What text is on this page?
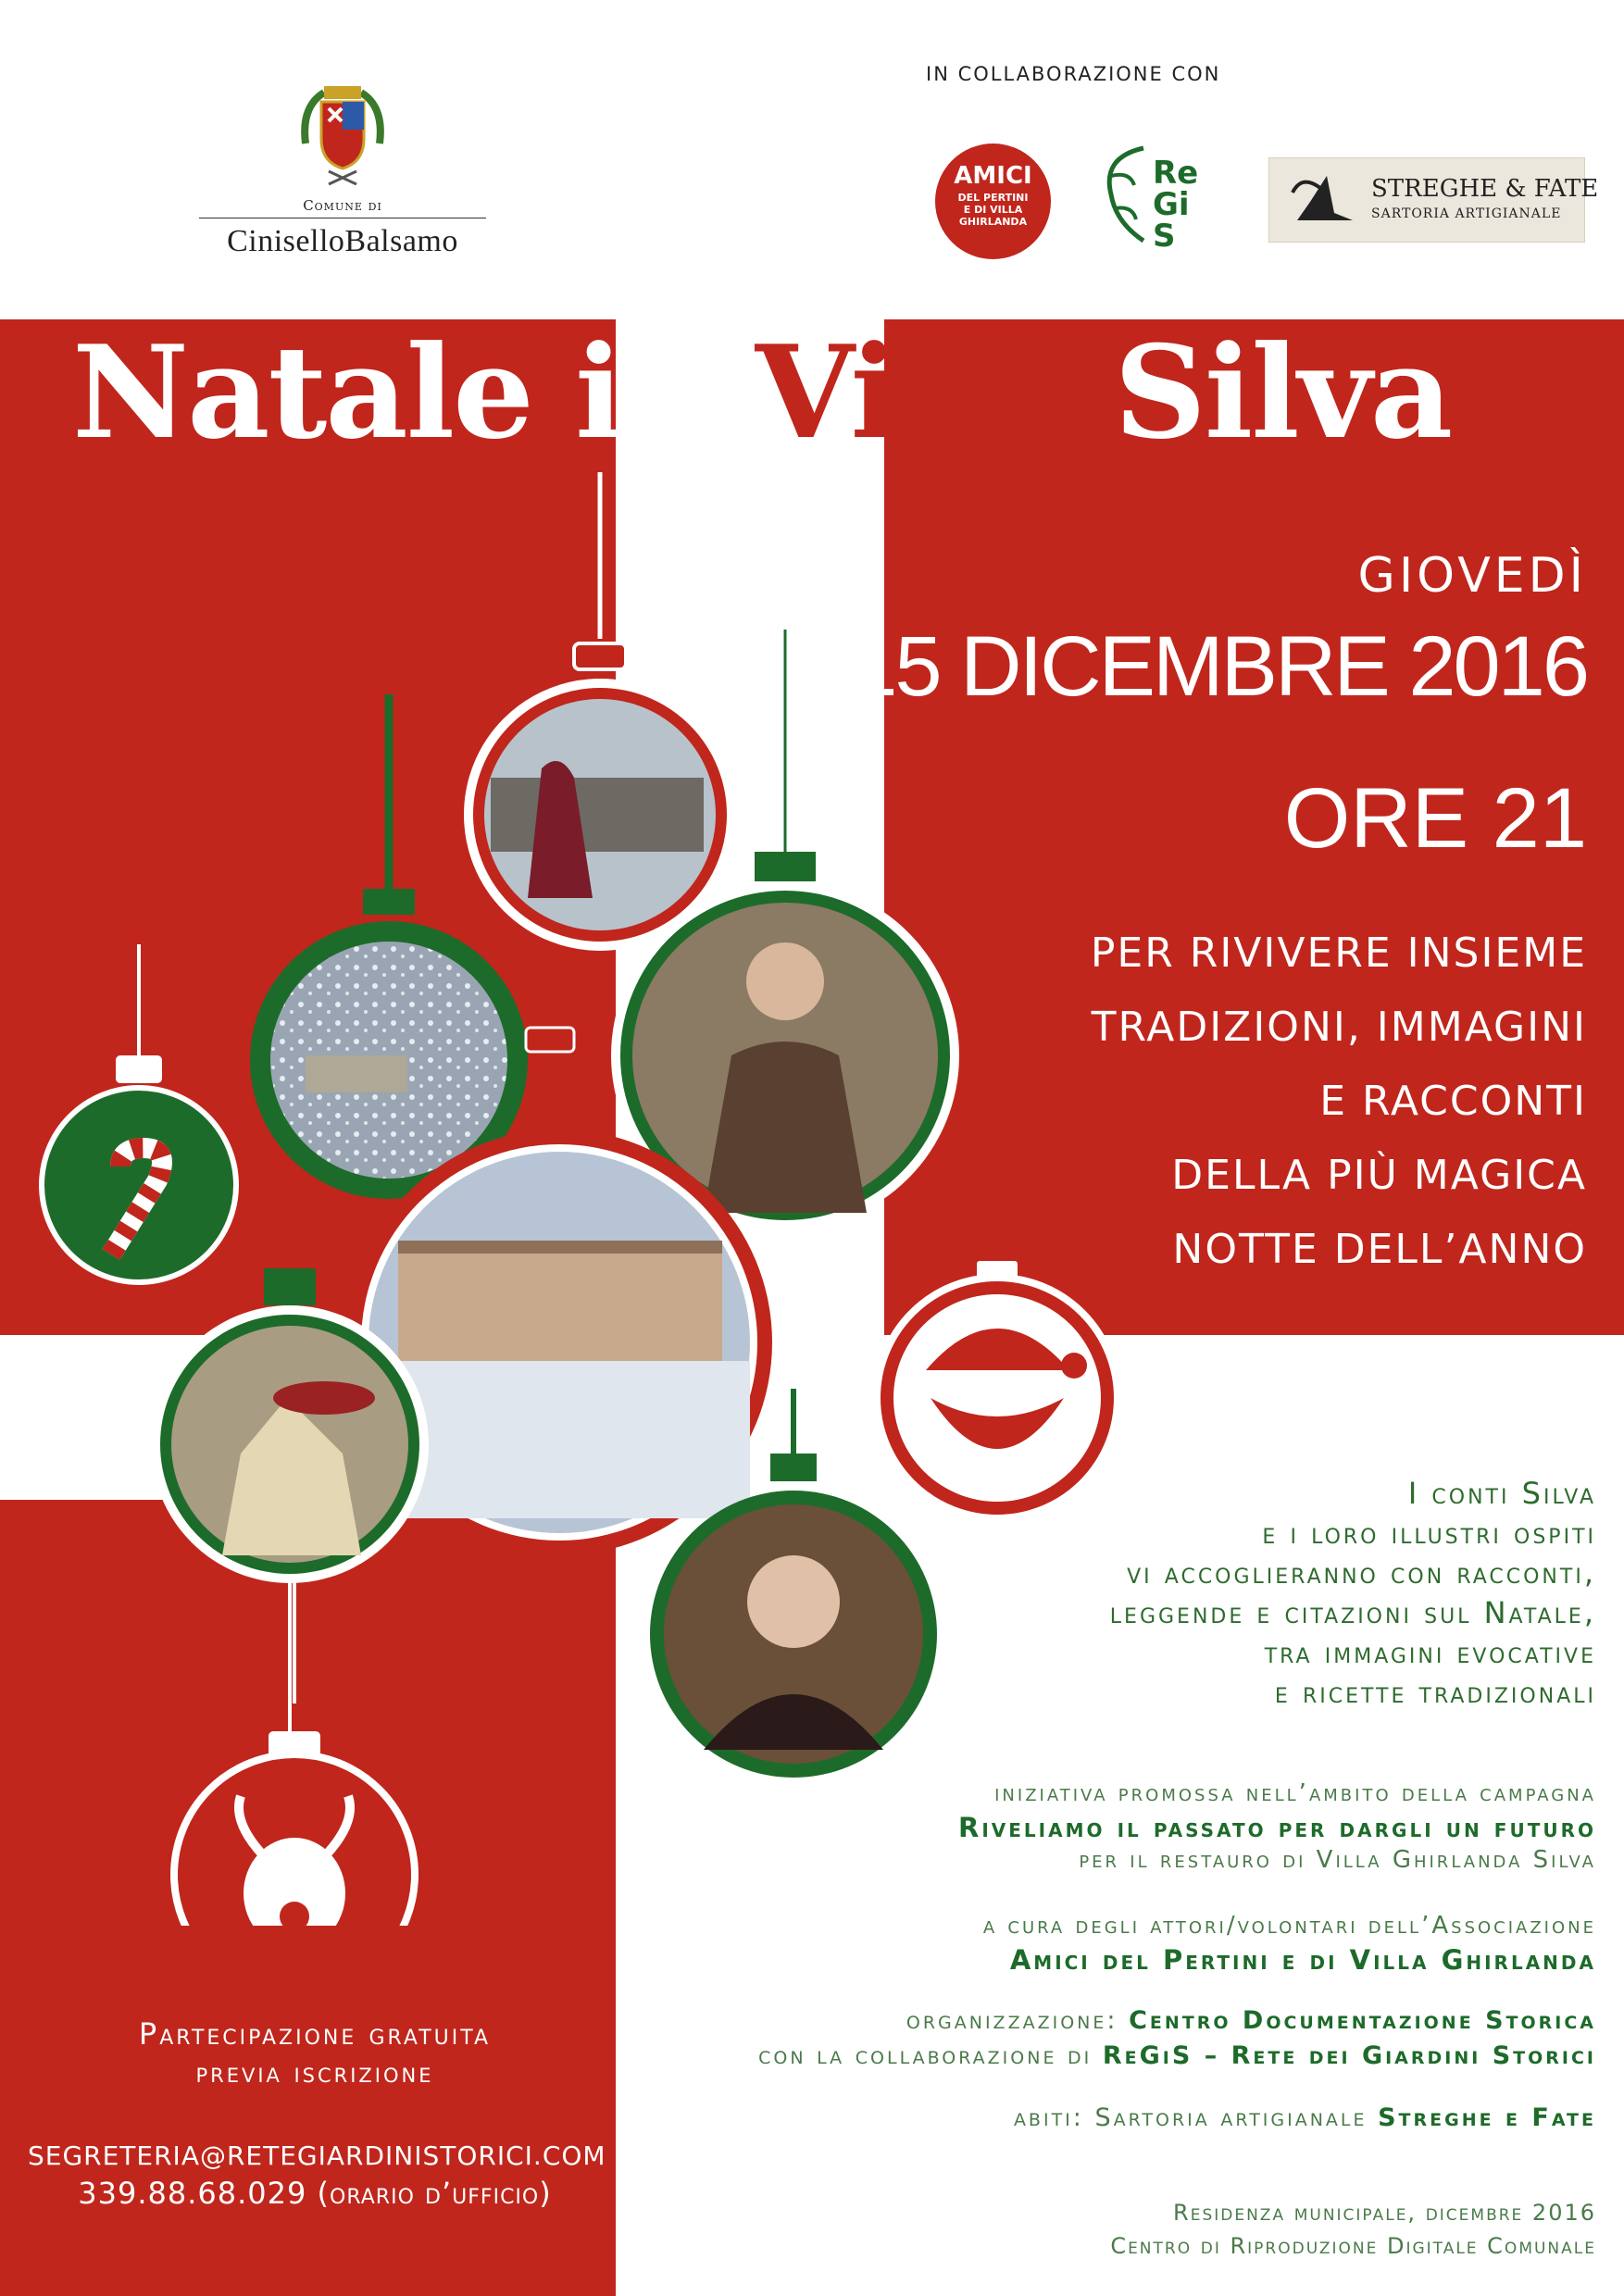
Comune di
CiniselloBalsamo
IN COLLABORAZIONE CON
AMICI
DEL PERTINI E DI VILLA GHIRLANDA
ReGiS
STREGHE & FATE
SARTORIA ARTIGIANALE
Natale in Villa Silva
GIOVEDÌ
15 DICEMBRE 2016
ORE 21
PER RIVIVERE INSIEME
TRADIZIONI, IMMAGINI
E RACCONTI
DELLA PIÙ MAGICA
NOTTE DELL’ANNO
I conti Silva
e i loro illustri ospiti
vi accoglieranno con racconti,
leggende e citazioni sul Natale,
tra immagini evocative
e ricette tradizionali
iniziativa promossa nell’ambito della campagna
Riveliamo il passato per dargli un futuro
per il restauro di Villa Ghirlanda Silva
a cura degli attori/volontari dell’Associazione
Amici del Pertini e di Villa Ghirlanda
organizzazione: Centro Documentazione Storica
con la collaborazione di ReGiS – Rete dei Giardini Storici
abiti: Sartoria artigianale Streghe e Fate
Partecipazione gratuita
previa iscrizione
SEGRETERIA@RETEGIARDINISTORICI.COM
339.88.68.029 (orario d’ufficio)
Residenza municipale, dicembre 2016
Centro di Riproduzione Digitale Comunale
